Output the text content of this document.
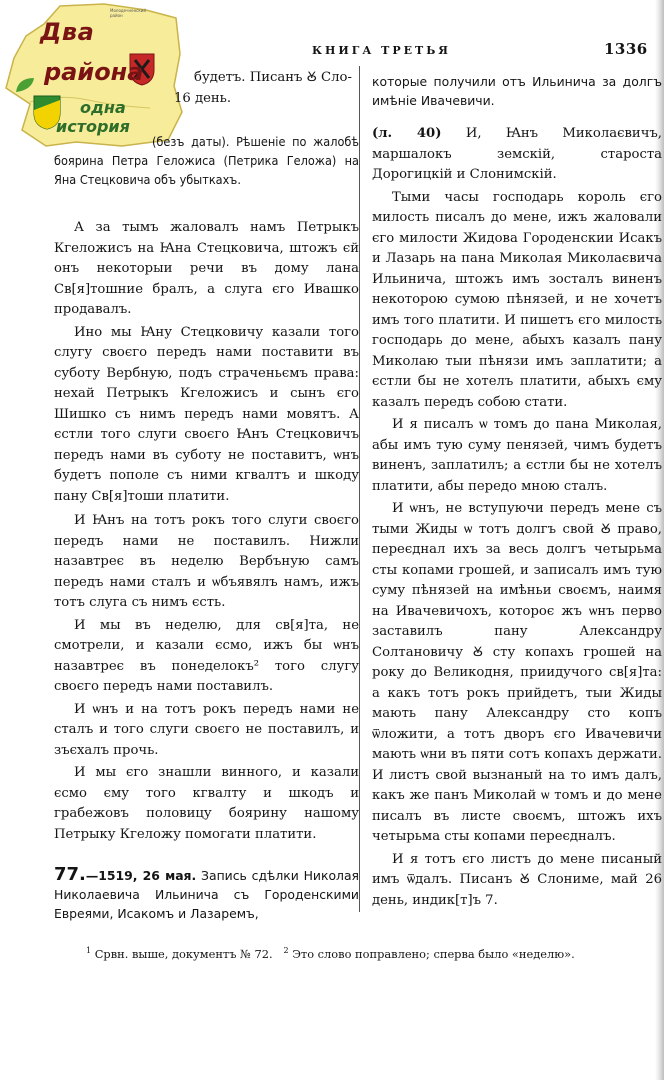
Молодечненский район
Два
района
одна
история
КНИГА ТРЕТЬЯ	1336

будетъ. Писанъ Ꙋ Сло-

16 день.

(безъ даты). Рѣшеніе по жалобѣ боярина Петра Геложиса (Петрика Гeложа) на Яна Стецковича объ убыткахъ.

А за тымъ жаловалъ намъ Петрыкъ Кгеложисъ на Ꙗна Стецковича, штожъ єй онъ некоторыи речи въ дому лана Св[я]тошние бралъ, а слуга єго Ивашко продавалъ.

Ино мы Ꙗну Стецковичу казали тогo слугу своєго передъ нами поставити въ суботу Вербную, подъ страченьємъ права: нехай Петрыкъ Кгеложисъ и сынъ єго Шишко съ нимъ передъ нами мовятъ. А єстли того слуги своєго Ꙗнъ Стецковичъ передъ нами въ суботу не поставитъ, ѡнъ будетъ пополе съ ними кгвалтъ и шкоду пану Св[я]тоши платити.

И Ꙗнъ на тотъ рокъ того слуги своєго передъ нами не поставилъ. Нижли назавтреє въ неделю Вербъную самъ передъ нами сталъ и ѡбъявялъ намъ, ижъ тотъ слуга съ нимъ єсть.

И мы въ неделю, для св[я]та, не смотрели, и казали єсмо, ижъ бы ѡнъ назавтреє въ понеделокъ² того слугу своєго передъ нами поставилъ.

И ѡнъ и на тотъ рокъ передъ нами не сталъ и того слуги своєго не поставилъ, и зъєхалъ прочь.

И мы єго знашли винного, и казали єсмо єму того кгвалту и шкодъ и грабежовъ половицу боярину нашому Петрыку Кгеложу помогати платити.

77.—1519, 26 мая. Запись сдѣлки Николая Николаевича Ильинича съ Городенскими Евреями, Исакомъ и Лазаремъ,

которые получили отъ Ильинича за долгъ имѣніе Ивачевичи.

(л. 40) И, Ꙗнъ Миколаєвичъ, маршалокъ земскій, староста Дорогицкій и Слонимскій.

Тыми часы господарь король єго милость писалъ до мене, ижъ жаловали єго милости Жидова Городенскии Исакъ и Лазарь на пана Миколая Миколаєвича Ильинича, штожъ имъ зосталъ виненъ некоторою сумою пѣнязей, и не хочетъ имъ того платити. И пишетъ єго милость господарь до мене, абыхъ казалъ пану Миколаю тыи пѣнязи имъ заплатити; а єстли бы не хотелъ платити, абыхъ єму казалъ передъ собою стати.

И я писалъ ѡ томъ до пана Миколая, абы имъ тую суму пенязей, чимъ будетъ виненъ, заплатилъ; а єстли бы не хотелъ платити, абы передо мною сталъ.

И ѡнъ, не вступуючи передъ мене съ тыми Жиды ѡ тотъ долгъ свой Ꙋ право, переєднал ихъ за весь долгъ четырьма сты копами грошей, и записалъ имъ тую суму пѣнязей на имѣньи своємъ, наимя на Ивачевичохъ, котороє жъ ѡнъ перво заставилъ пану Александру Солтановичу Ꙋ сту копахъ грошей на року до Великодня, приидучого св[я]та: а какъ тотъ рокъ прийдетъ, тыи Жиды мають пану Александру сто копъ ѿложити, а тотъ дворъ єго Ивачевичи мають ѡни въ пяти сотъ копахъ держати. И листъ свой вызнаный на то имъ далъ, какъ же панъ Миколай ѡ томъ и до мене писалъ въ листе своємъ, штожъ ихъ четырьма сты копами переєдналъ.

И я тотъ єго листъ до мене писаный имъ ѿдалъ. Писанъ Ꙋ Слониме, май 26 день, индик[т]ъ 7.

$^1$ Срвн. выше, документъ № 72. $^2$ Это слово поправлено; сперва было «неделю».
